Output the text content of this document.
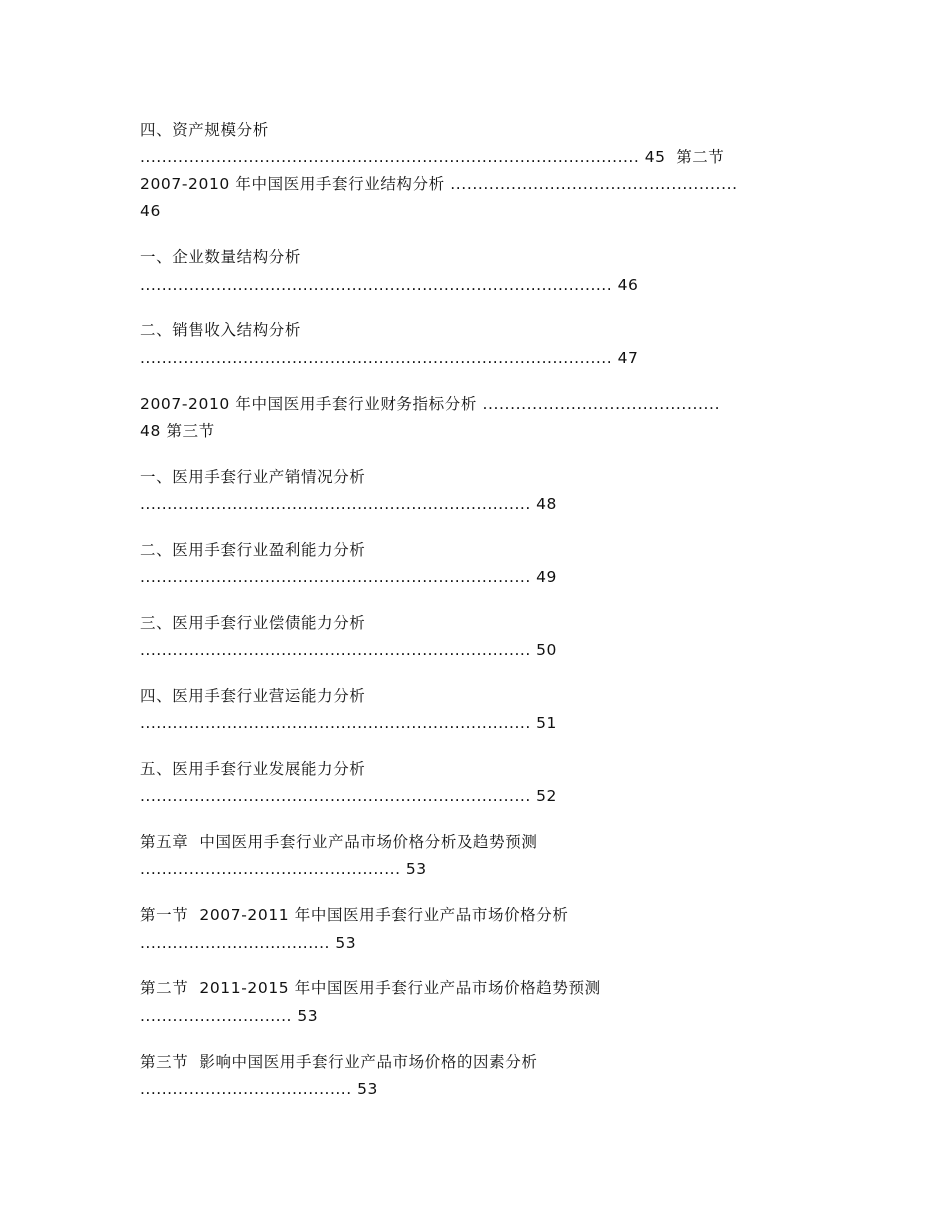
四、资产规模分析
............................................................................................ 45  第二节
2007-2010 年中国医用手套行业结构分析 ....................................................
46
一、企业数量结构分析
....................................................................................... 46
二、销售收入结构分析
....................................................................................... 47
2007-2010 年中国医用手套行业财务指标分析 ...........................................
48 第三节
一、医用手套行业产销情况分析
........................................................................ 48
二、医用手套行业盈利能力分析
........................................................................ 49
三、医用手套行业偿债能力分析
........................................................................ 50
四、医用手套行业营运能力分析
........................................................................ 51
五、医用手套行业发展能力分析
........................................................................ 52
第五章  中国医用手套行业产品市场价格分析及趋势预测
................................................ 53
第一节  2007-2011 年中国医用手套行业产品市场价格分析
................................... 53
第二节  2011-2015 年中国医用手套行业产品市场价格趋势预测
............................ 53
第三节  影响中国医用手套行业产品市场价格的因素分析
....................................... 53
